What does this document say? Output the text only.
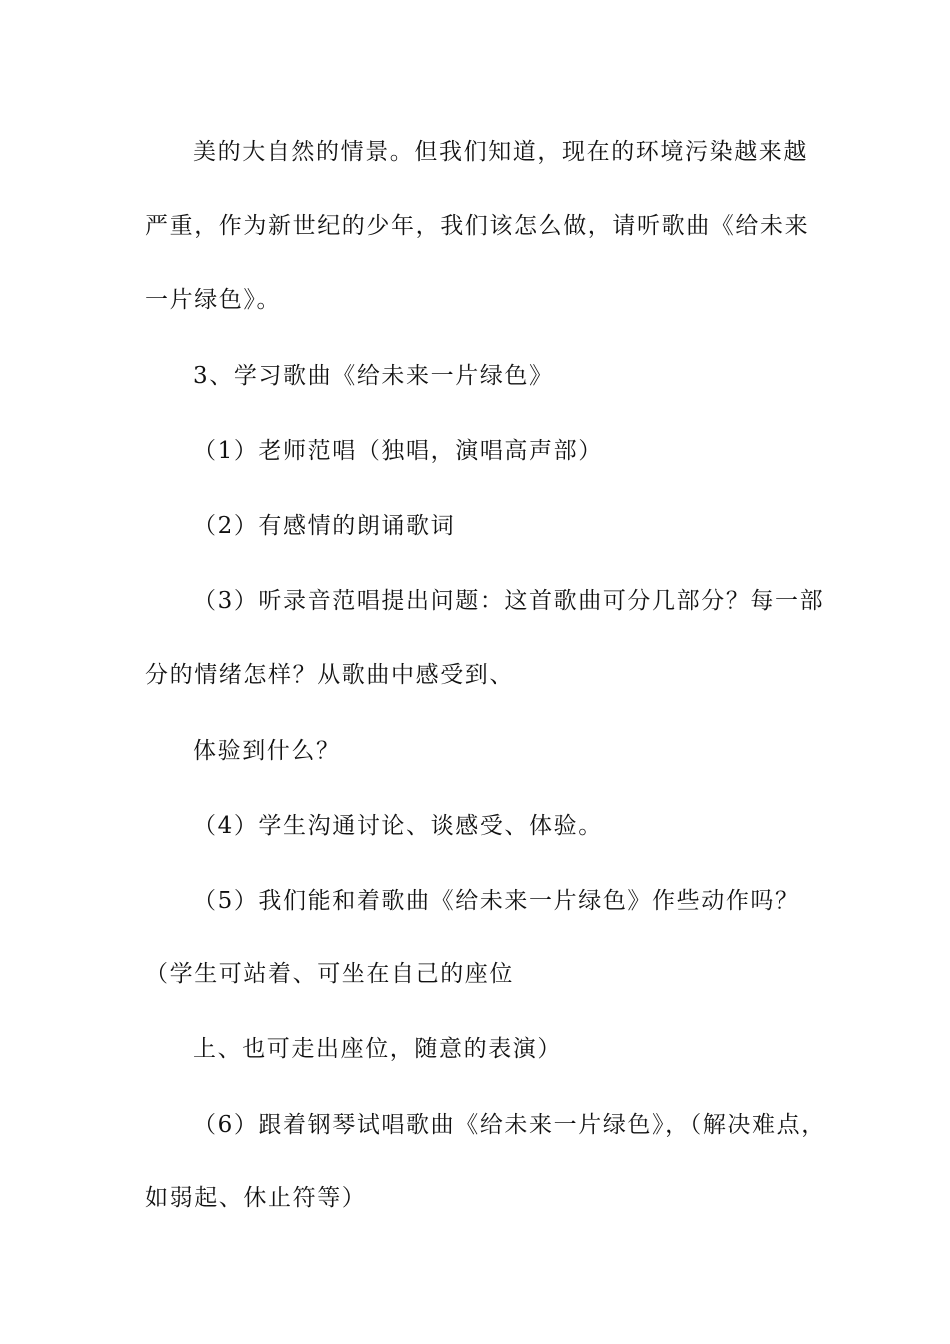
美的大自然的情景。但我们知道，现在的环境污染越来越
严重，作为新世纪的少年，我们该怎么做，请听歌曲《给未来
一片绿色》。
3、学习歌曲《给未来一片绿色》
（1）老师范唱（独唱，演唱高声部）
（2）有感情的朗诵歌词
（3）听录音范唱提出问题：这首歌曲可分几部分？每一部
分的情绪怎样？从歌曲中感受到、
体验到什么？
（4）学生沟通讨论、谈感受、体验。
（5）我们能和着歌曲《给未来一片绿色》作些动作吗？
（学生可站着、可坐在自己的座位
上、也可走出座位，随意的表演）
（6）跟着钢琴试唱歌曲《给未来一片绿色》，（解决难点，
如弱起、休止符等）
